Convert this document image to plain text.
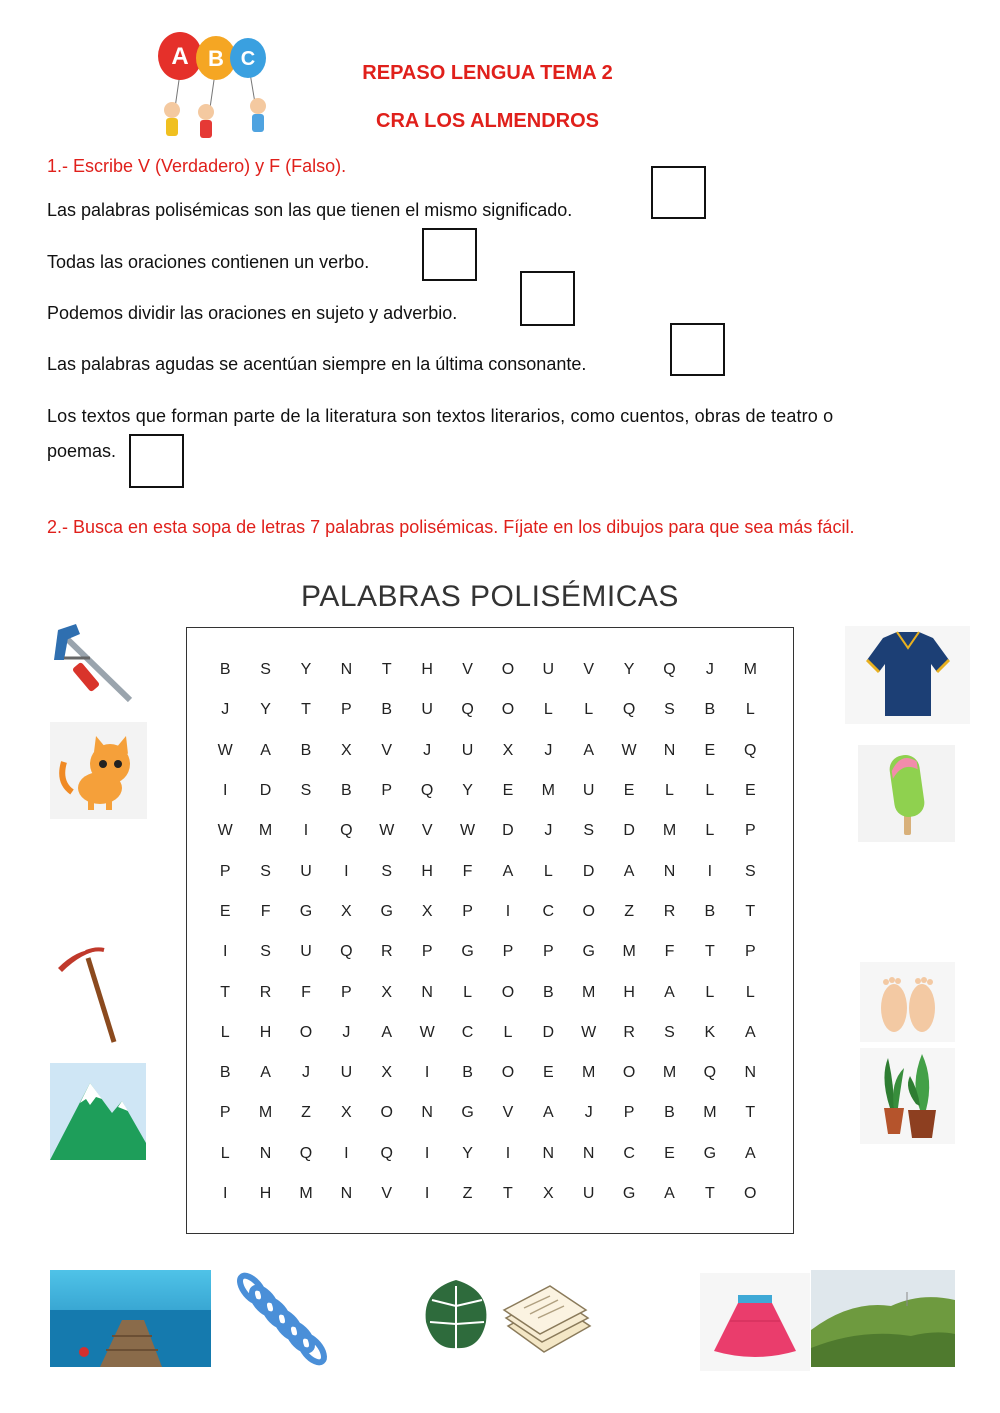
A B C
REPASO LENGUA TEMA 2
CRA LOS ALMENDROS
1.- Escribe V (Verdadero) y F (Falso).
Las palabras polisémicas son las que tienen el mismo significado.
Todas las oraciones contienen un verbo.
Podemos dividir las oraciones en sujeto y adverbio.
Las palabras agudas se acentúan siempre en la última consonante.
Los textos que forman parte de la literatura son textos literarios, como cuentos, obras de teatro o
poemas.
2.- Busca en esta sopa de letras 7 palabras polisémicas. Fíjate en los dibujos para que sea más fácil.
PALABRAS POLISÉMICAS
B	S	Y	N	T	H	V	O	U	V	Y	Q	J	M
J	Y	T	P	B	U	Q	O	L	L	Q	S	B	L
W	A	B	X	V	J	U	X	J	A	W	N	E	Q
I	D	S	B	P	Q	Y	E	M	U	E	L	L	E
W	M	I	Q	W	V	W	D	J	S	D	M	L	P
P	S	U	I	S	H	F	A	L	D	A	N	I	S
E	F	G	X	G	X	P	I	C	O	Z	R	B	T
I	S	U	Q	R	P	G	P	P	G	M	F	T	P
T	R	F	P	X	N	L	O	B	M	H	A	L	L
L	H	O	J	A	W	C	L	D	W	R	S	K	A
B	A	J	U	X	I	B	O	E	M	O	M	Q	N
P	M	Z	X	O	N	G	V	A	J	P	B	M	T
L	N	Q	I	Q	I	Y	I	N	N	C	E	G	A
I	H	M	N	V	I	Z	T	X	U	G	A	T	O
